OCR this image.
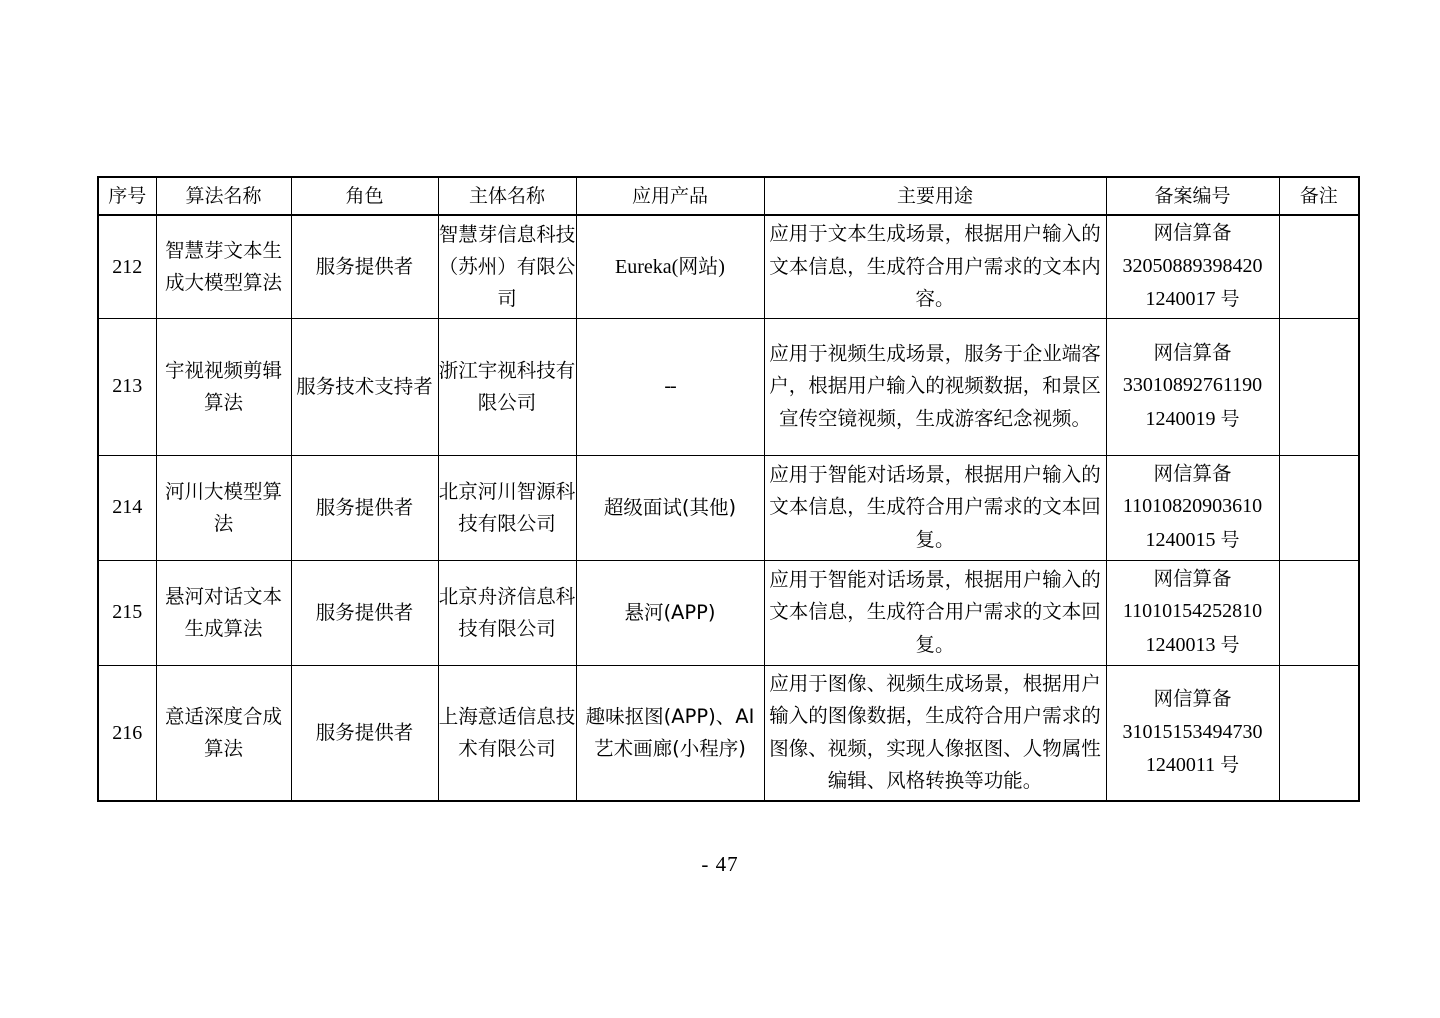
序号	算法名称	角色	主体名称	应用产品	主要用途	备案编号	备注
212	智慧芽文本生成大模型算法	服务提供者	智慧芽信息科技（苏州）有限公司	Eureka(网站)	应用于文本生成场景，根据用户输入的文本信息，生成符合用户需求的文本内容。	网信算备
32050889398420
1240017 号	

213	宇视视频剪辑算法	服务技术支持者	浙江宇视科技有限公司	--	应用于视频生成场景，服务于企业端客户，根据用户输入的视频数据，和景区宣传空镜视频，生成游客纪念视频。	网信算备
33010892761190
1240019 号	

214	河川大模型算法	服务提供者	北京河川智源科技有限公司	超级面试(其他)	应用于智能对话场景，根据用户输入的文本信息，生成符合用户需求的文本回复。	网信算备
11010820903610
1240015 号	

215	悬河对话文本生成算法	服务提供者	北京舟济信息科技有限公司	悬河(APP)	应用于智能对话场景，根据用户输入的文本信息，生成符合用户需求的文本回复。	网信算备
11010154252810
1240013 号	

216	意适深度合成算法	服务提供者	上海意适信息技术有限公司	趣味抠图(APP)、AI艺术画廊(小程序)	应用于图像、视频生成场景，根据用户输入的图像数据，生成符合用户需求的图像、视频，实现人像抠图、人物属性编辑、风格转换等功能。	网信算备
31015153494730
1240011 号	

- 47
